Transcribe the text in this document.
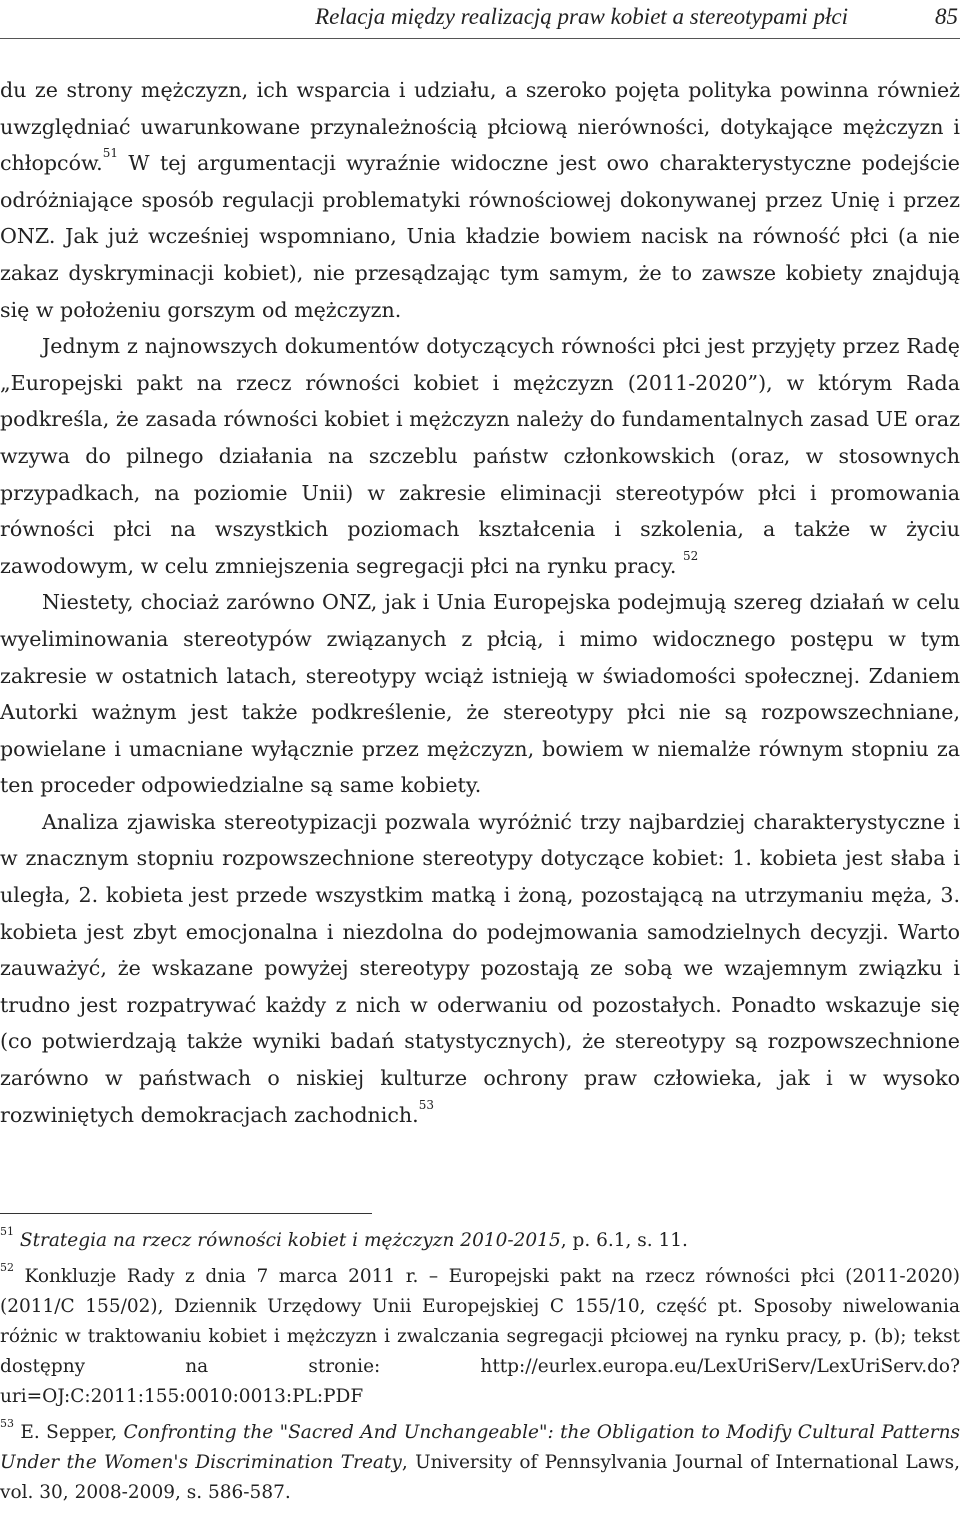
Relacja między realizacją praw kobiet a stereotypami płci	85

du ze strony mężczyzn, ich wsparcia i udziału, a szeroko pojęta polityka powinna również uwzględniać uwarunkowane przynależnością płciową nierówności, dotykające mężczyzn i chłopców.$^{51}$ W tej argumentacji wyraźnie widoczne jest owo charakterystyczne podejście odróżniające sposób regulacji problematyki równościowej dokonywanej przez Unię i przez ONZ. Jak już wcześniej wspomniano, Unia kładzie bowiem nacisk na równość płci (a nie zakaz dyskryminacji kobiet), nie przesądzając tym samym, że to zawsze kobiety znajdują się w położeniu gorszym od mężczyzn.

Jednym z najnowszych dokumentów dotyczących równości płci jest przyjęty przez Radę „Europejski pakt na rzecz równości kobiet i mężczyzn (2011-2020”), w którym Rada podkreśla, że zasada równości kobiet i mężczyzn należy do fundamentalnych zasad UE oraz wzywa do pilnego działania na szczeblu państw członkowskich (oraz, w stosownych przypadkach, na poziomie Unii) w zakresie eliminacji stereotypów płci i promowania równości płci na wszystkich poziomach kształcenia i szkolenia, a także w życiu zawodowym, w celu zmniejszenia segregacji płci na rynku pracy. $^{52}$

Niestety, chociaż zarówno ONZ, jak i Unia Europejska podejmują szereg działań w celu wyeliminowania stereotypów związanych z płcią, i mimo widocznego postępu w tym zakresie w ostatnich latach, stereotypy wciąż istnieją w świadomości społecznej. Zdaniem Autorki ważnym jest także podkreślenie, że stereotypy płci nie są rozpowszechniane, powielane i umacniane wyłącznie przez mężczyzn, bowiem w niemalże równym stopniu za ten proceder odpowiedzialne są same kobiety.

Analiza zjawiska stereotypizacji pozwala wyróżnić trzy najbardziej charakterystyczne i w znacznym stopniu rozpowszechnione stereotypy dotyczące kobiet: 1. kobieta jest słaba i uległa, 2. kobieta jest przede wszystkim matką i żoną, pozostającą na utrzymaniu męża, 3. kobieta jest zbyt emocjonalna i niezdolna do podejmowania samodzielnych decyzji. Warto zauważyć, że wskazane powyżej stereotypy pozostają ze sobą we wzajemnym związku i trudno jest rozpatrywać każdy z nich w oderwaniu od pozostałych. Ponadto wskazuje się (co potwierdzają także wyniki badań statystycznych), że stereotypy są rozpowszechnione zarówno w państwach o niskiej kulturze ochrony praw człowieka, jak i w wysoko rozwiniętych demokracjach zachodnich.$^{53}$

$^{51}$ Strategia na rzecz równości kobiet i mężczyzn 2010-2015, p. 6.1, s. 11.

$^{52}$ Konkluzje Rady z dnia 7 marca 2011 r. – Europejski pakt na rzecz równości płci (2011-2020) (2011/C 155/02), Dziennik Urzędowy Unii Europejskiej C 155/10, część pt. Sposoby niwelowania różnic w traktowaniu kobiet i mężczyzn i zwalczania segregacji płciowej na rynku pracy, p. (b); tekst dostępny na stronie: http://eurlex.europa.eu/LexUriServ/LexUriServ.do?uri=OJ:C:2011:155:0010:0013:PL:PDF

$^{53}$ E. Sepper, Confronting the "Sacred And Unchangeable": the Obligation to Modify Cultural Patterns Under the Women's Discrimination Treaty, University of Pennsylvania Journal of International Laws, vol. 30, 2008-2009, s. 586-587.
